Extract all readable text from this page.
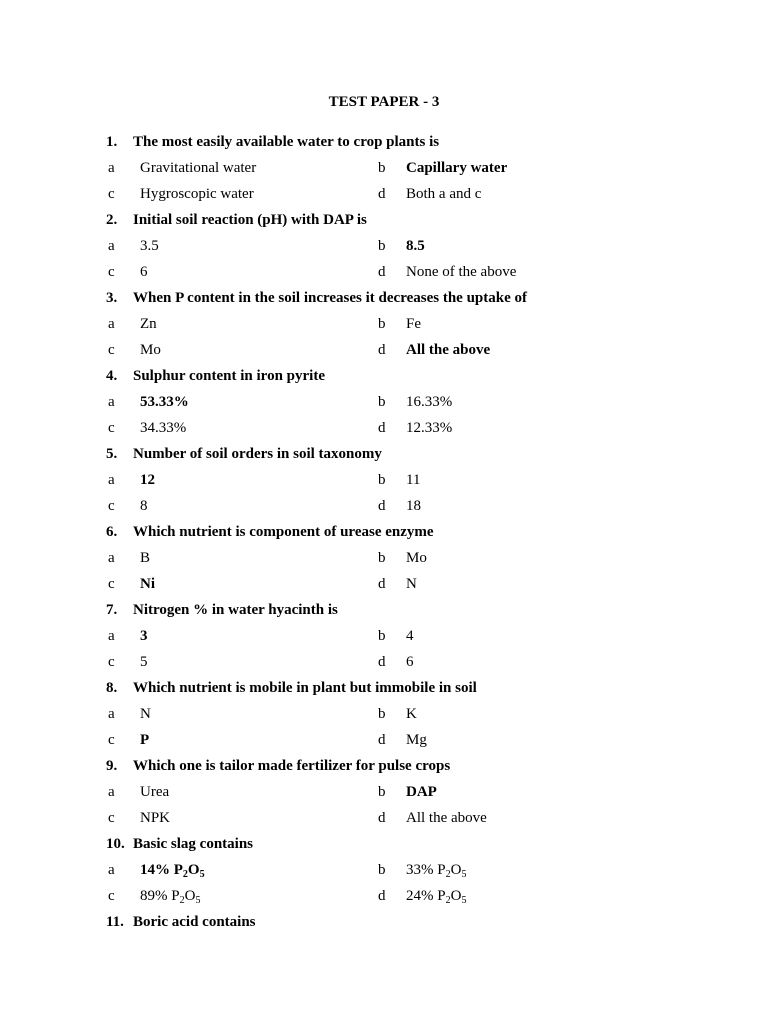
TEST PAPER - 3
1. The most easily available water to crop plants is
a Gravitational water	b Capillary water
c Hygroscopic water	d Both a and c
2. Initial soil reaction (pH) with DAP is
a 3.5	b 8.5
c 6	d None of the above
3. When P content in the soil increases it decreases the uptake of
a Zn	b Fe
c Mo	d All the above
4. Sulphur content in iron pyrite
a 53.33%	b 16.33%
c 34.33%	d 12.33%
5. Number of soil orders in soil taxonomy
a 12	b 11
c 8	d 18
6. Which nutrient is component of urease enzyme
a B	b Mo
c Ni	d N
7. Nitrogen % in water hyacinth is
a 3	b 4
c 5	d 6
8. Which nutrient is mobile in plant but immobile in soil
a N	b K
c P	d Mg
9. Which one is tailor made fertilizer for pulse crops
a Urea	b DAP
c NPK	d All the above
10. Basic slag contains
a 14% $P_2O_5$	b 33% $P_2O_5$
c 89% $P_2O_5$	d 24% $P_2O_5$
11. Boric acid contains
